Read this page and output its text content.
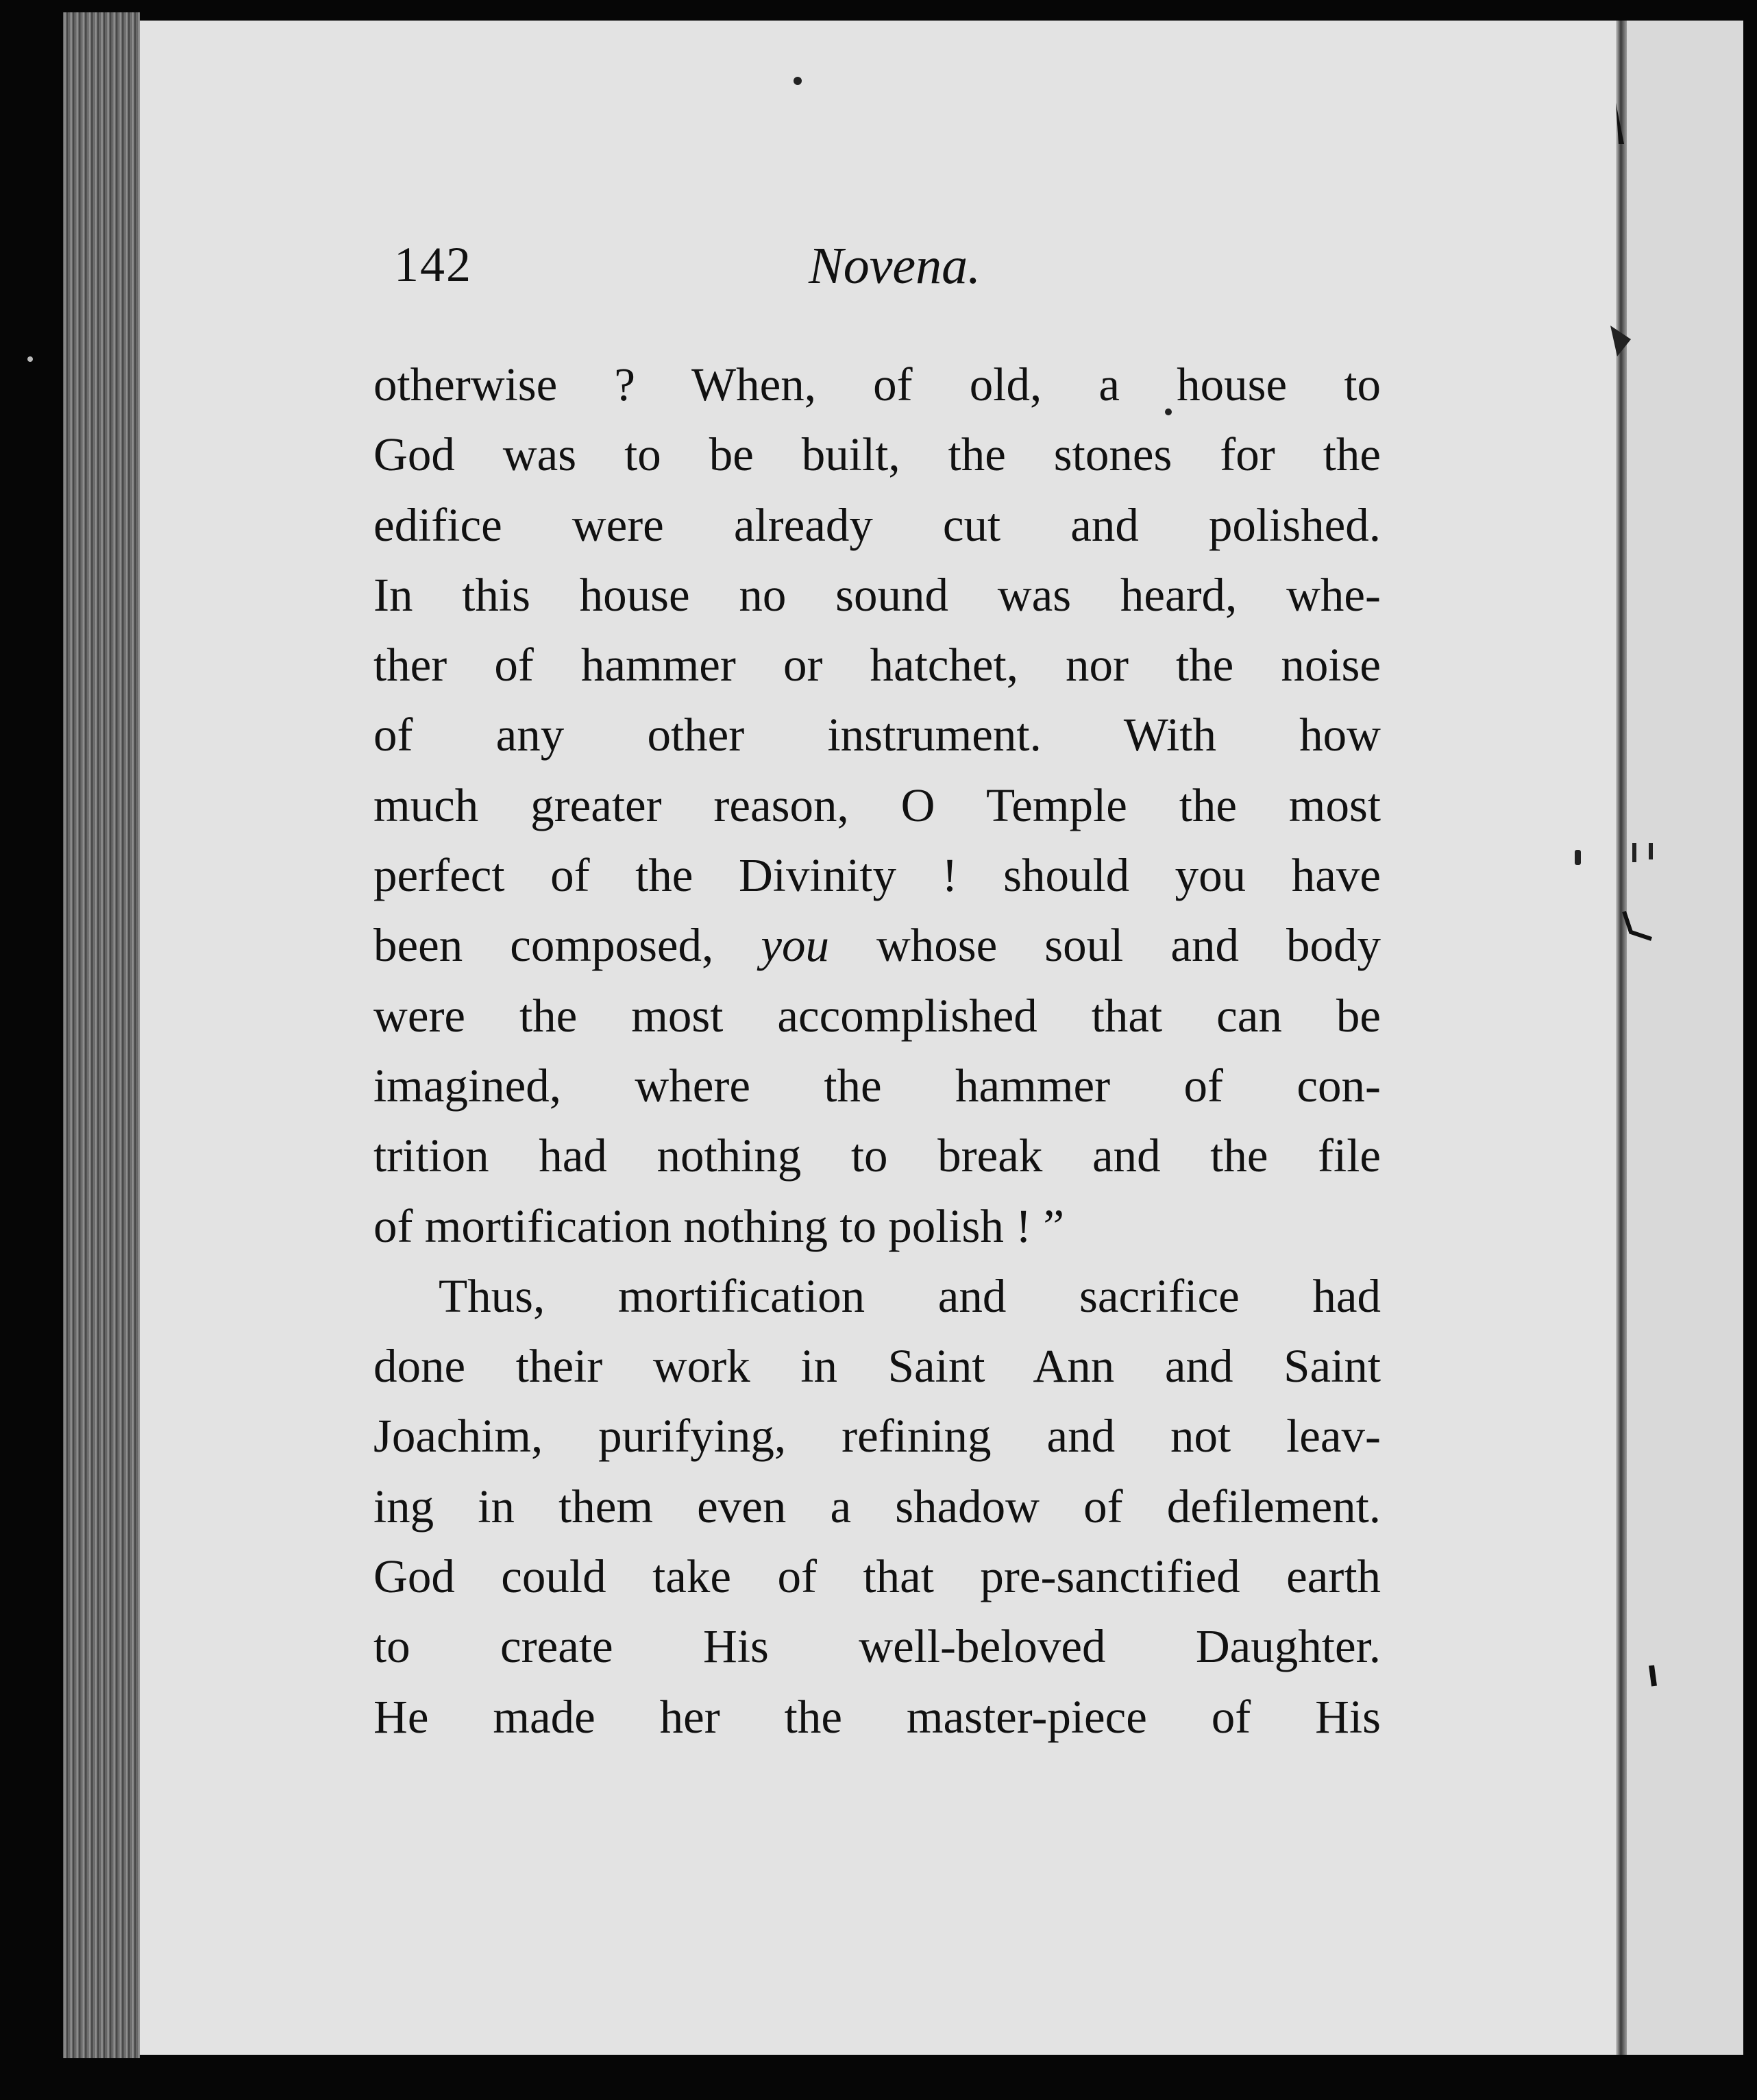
142	Novena.
otherwise ? When, of old, a house to
God was to be built, the stones for the
edifice were already cut and polished.
In this house no sound was heard, whe-
ther of hammer or hatchet, nor the noise
of any other instrument. With how
much greater reason, O Temple the most
perfect of the Divinity ! should you have
been composed, you whose soul and body
were the most accomplished that can be
imagined, where the hammer of con-
trition had nothing to break and the file
of mortification nothing to polish ! ”
Thus, mortification and sacrifice had
done their work in Saint Ann and Saint
Joachim, purifying, refining and not leav-
ing in them even a shadow of defilement.
God could take of that pre-sanctified earth
to create His well-beloved Daughter.
He made her the master-piece of His
